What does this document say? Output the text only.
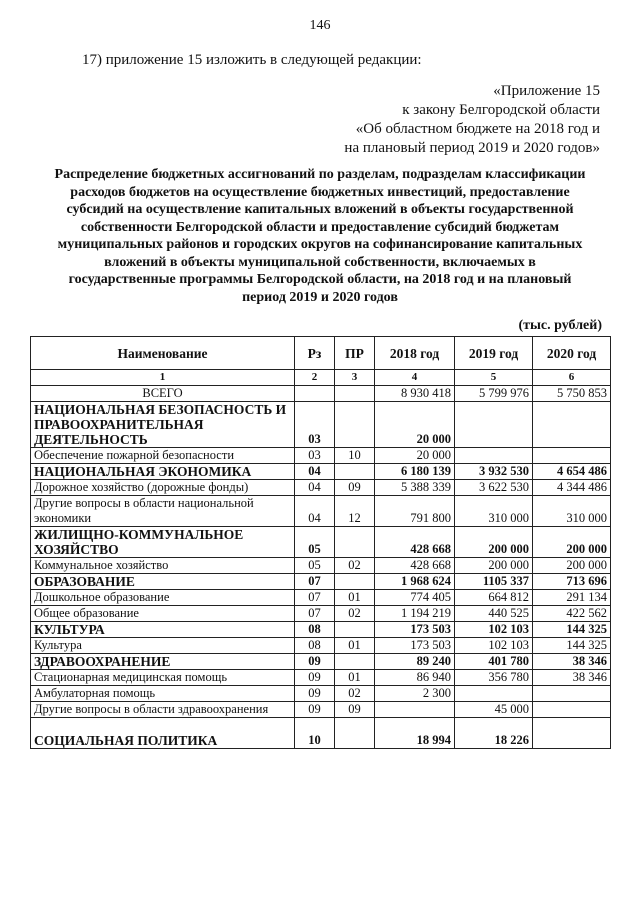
146
17) приложение 15 изложить в следующей редакции:
«Приложение 15
к закону Белгородской области
«Об областном бюджете на 2018 год и
на плановый период 2019 и 2020 годов»
Распределение бюджетных ассигнований по разделам, подразделам классификации
расходов бюджетов на осуществление бюджетных инвестиций, предоставление
субсидий на осуществление капитальных вложений в объекты государственной
собственности Белгородской области и предоставление субсидий бюджетам
муниципальных районов и городских округов на софинансирование капитальных
вложений в объекты муниципальной собственности, включаемых в
государственные программы Белгородской области, на 2018 год и на плановый
период 2019 и 2020 годов
(тыс. рублей)
Наименование	Рз	ПР	2018 год	2019 год	2020 год
1	2	3	4	5	6
ВСЕГО			8 930 418	5 799 976	5 750 853
НАЦИОНАЛЬНАЯ БЕЗОПАСНОСТЬ И ПРАВООХРАНИТЕЛЬНАЯ ДЕЯТЕЛЬНОСТЬ	03		20 000		
Обеспечение пожарной безопасности	03	10	20 000		
НАЦИОНАЛЬНАЯ ЭКОНОМИКА	04		6 180 139	3 932 530	4 654 486
Дорожное хозяйство (дорожные фонды)	04	09	5 388 339	3 622 530	4 344 486
Другие вопросы в области национальной экономики	04	12	791 800	310 000	310 000
ЖИЛИЩНО-КОММУНАЛЬНОЕ ХОЗЯЙСТВО	05		428 668	200 000	200 000
Коммунальное хозяйство	05	02	428 668	200 000	200 000
ОБРАЗОВАНИЕ	07		1 968 624	1105 337	713 696
Дошкольное образование	07	01	774 405	664 812	291 134
Общее образование	07	02	1 194 219	440 525	422 562
КУЛЬТУРА	08		173 503	102 103	144 325
Культура	08	01	173 503	102 103	144 325
ЗДРАВООХРАНЕНИЕ	09		89 240	401 780	38 346
Стационарная медицинская помощь	09	01	86 940	356 780	38 346
Амбулаторная помощь	09	02	2 300		
Другие вопросы в области здравоохранения	09	09		45 000	
СОЦИАЛЬНАЯ ПОЛИТИКА	10		18 994	18 226	
